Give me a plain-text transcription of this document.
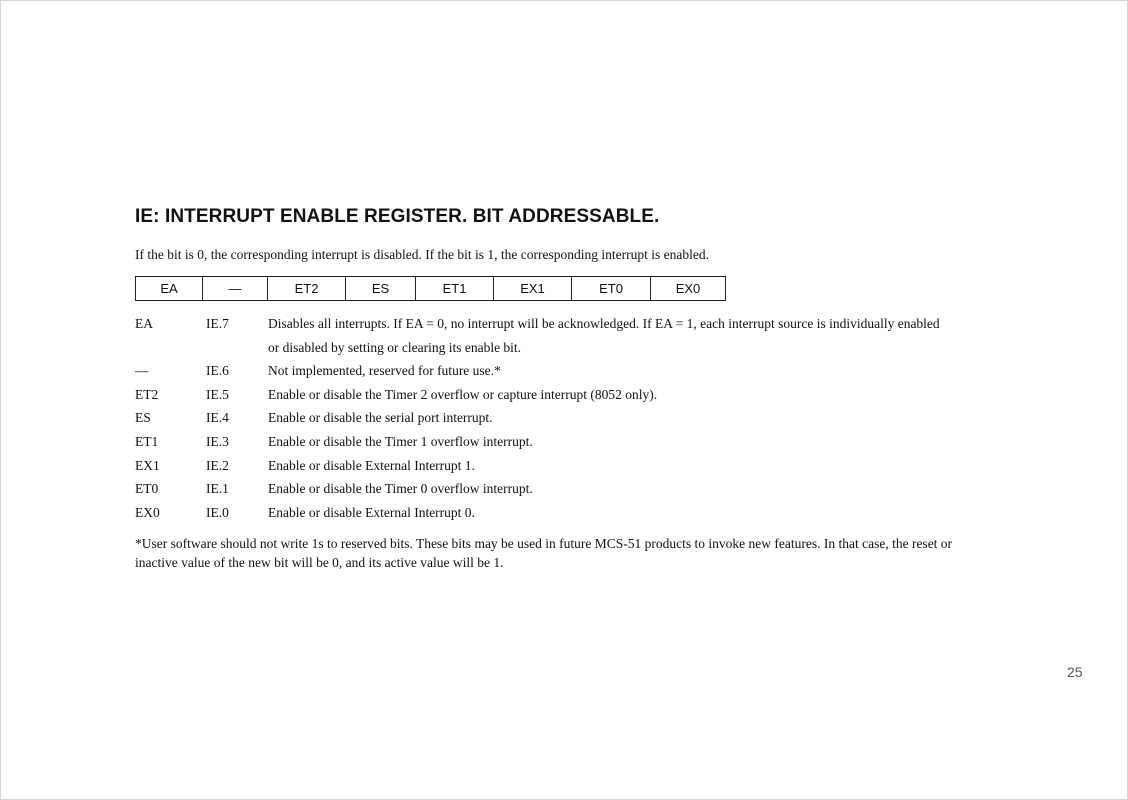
IE: INTERRUPT ENABLE REGISTER. BIT ADDRESSABLE.
If the bit is 0, the corresponding interrupt is disabled. If the bit is 1, the corresponding interrupt is enabled.
EA	—	ET2	ES	ET1	EX1	ET0	EX0
EA	IE.7	Disables all interrupts. If EA = 0, no interrupt will be acknowledged. If EA = 1, each interrupt source is individually enabled or disabled by setting or clearing its enable bit.
—	IE.6	Not implemented, reserved for future use.*
ET2	IE.5	Enable or disable the Timer 2 overflow or capture interrupt (8052 only).
ES	IE.4	Enable or disable the serial port interrupt.
ET1	IE.3	Enable or disable the Timer 1 overflow interrupt.
EX1	IE.2	Enable or disable External Interrupt 1.
ET0	IE.1	Enable or disable the Timer 0 overflow interrupt.
EX0	IE.0	Enable or disable External Interrupt 0.
*User software should not write 1s to reserved bits. These bits may be used in future MCS-51 products to invoke new features. In that case, the reset or inactive value of the new bit will be 0, and its active value will be 1.
25
